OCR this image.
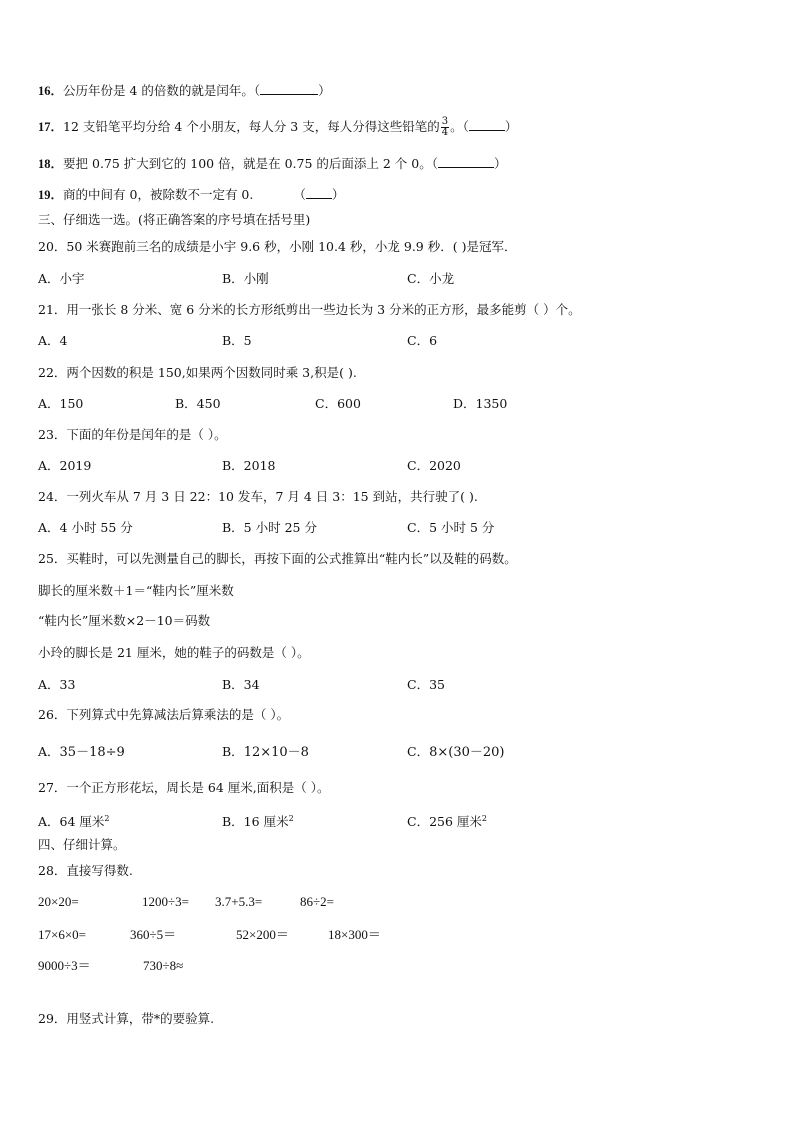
16．公历年份是 4 的倍数的就是闰年。（	）
17．12 支铅笔平均分给 4 个小朋友，每人分 3 支，每人分得这些铅笔的 $\frac{3}{4}$ 。（	）
18．要把 0.75 扩大到它的 100 倍，就是在 0.75 的后面添上 2 个 0。（	）
19．商的中间有 0，被除数不一定有 0.	（ ）
三、仔细选一选。(将正确答案的序号填在括号里)
20．50 米赛跑前三名的成绩是小宇 9.6 秒，小刚 10.4 秒，小龙 9.9 秒．( )是冠军．
A．小宇	B．小刚	C．小龙
21．用一张长 8 分米、宽 6 分米的长方形纸剪出一些边长为 3 分米的正方形，最多能剪（ ）个。
A．4	B．5	C．6
22．两个因数的积是 150,如果两个因数同时乘 3,积是( ).
A．150	B．450	C．600	D．1350
23．下面的年份是闰年的是（ ）。
A．2019	B．2018	C．2020
24．一列火车从 7 月 3 日 22：10 发车，7 月 4 日 3：15 到站，共行驶了( ).
A．4 小时 55 分	B．5 小时 25 分	C．5 小时 5 分
25．买鞋时，可以先测量自己的脚长，再按下面的公式推算出“鞋内长”以及鞋的码数。
脚长的厘米数＋1＝“鞋内长”厘米数
“鞋内长”厘米数×2－10＝码数
小玲的脚长是 21 厘米，她的鞋子的码数是（ ）。
A．33	B．34	C．35
26．下列算式中先算减法后算乘法的是（ ）。
A．35－18÷9	B．12×10－8	C．8×(30－20)
27．一个正方形花坛，周长是 64 厘米,面积是（ ）。
A．64 厘米$^2$	B．16 厘米$^2$	C．256 厘米$^2$
四、仔细计算。
28．直接写得数.
20×20=	1200÷3= 3.7+5.3=	86÷2=
17×6×0=	360÷5＝	52×200＝	18×300＝
9000÷3＝	730÷8≈
29．用竖式计算，带*的要验算.
